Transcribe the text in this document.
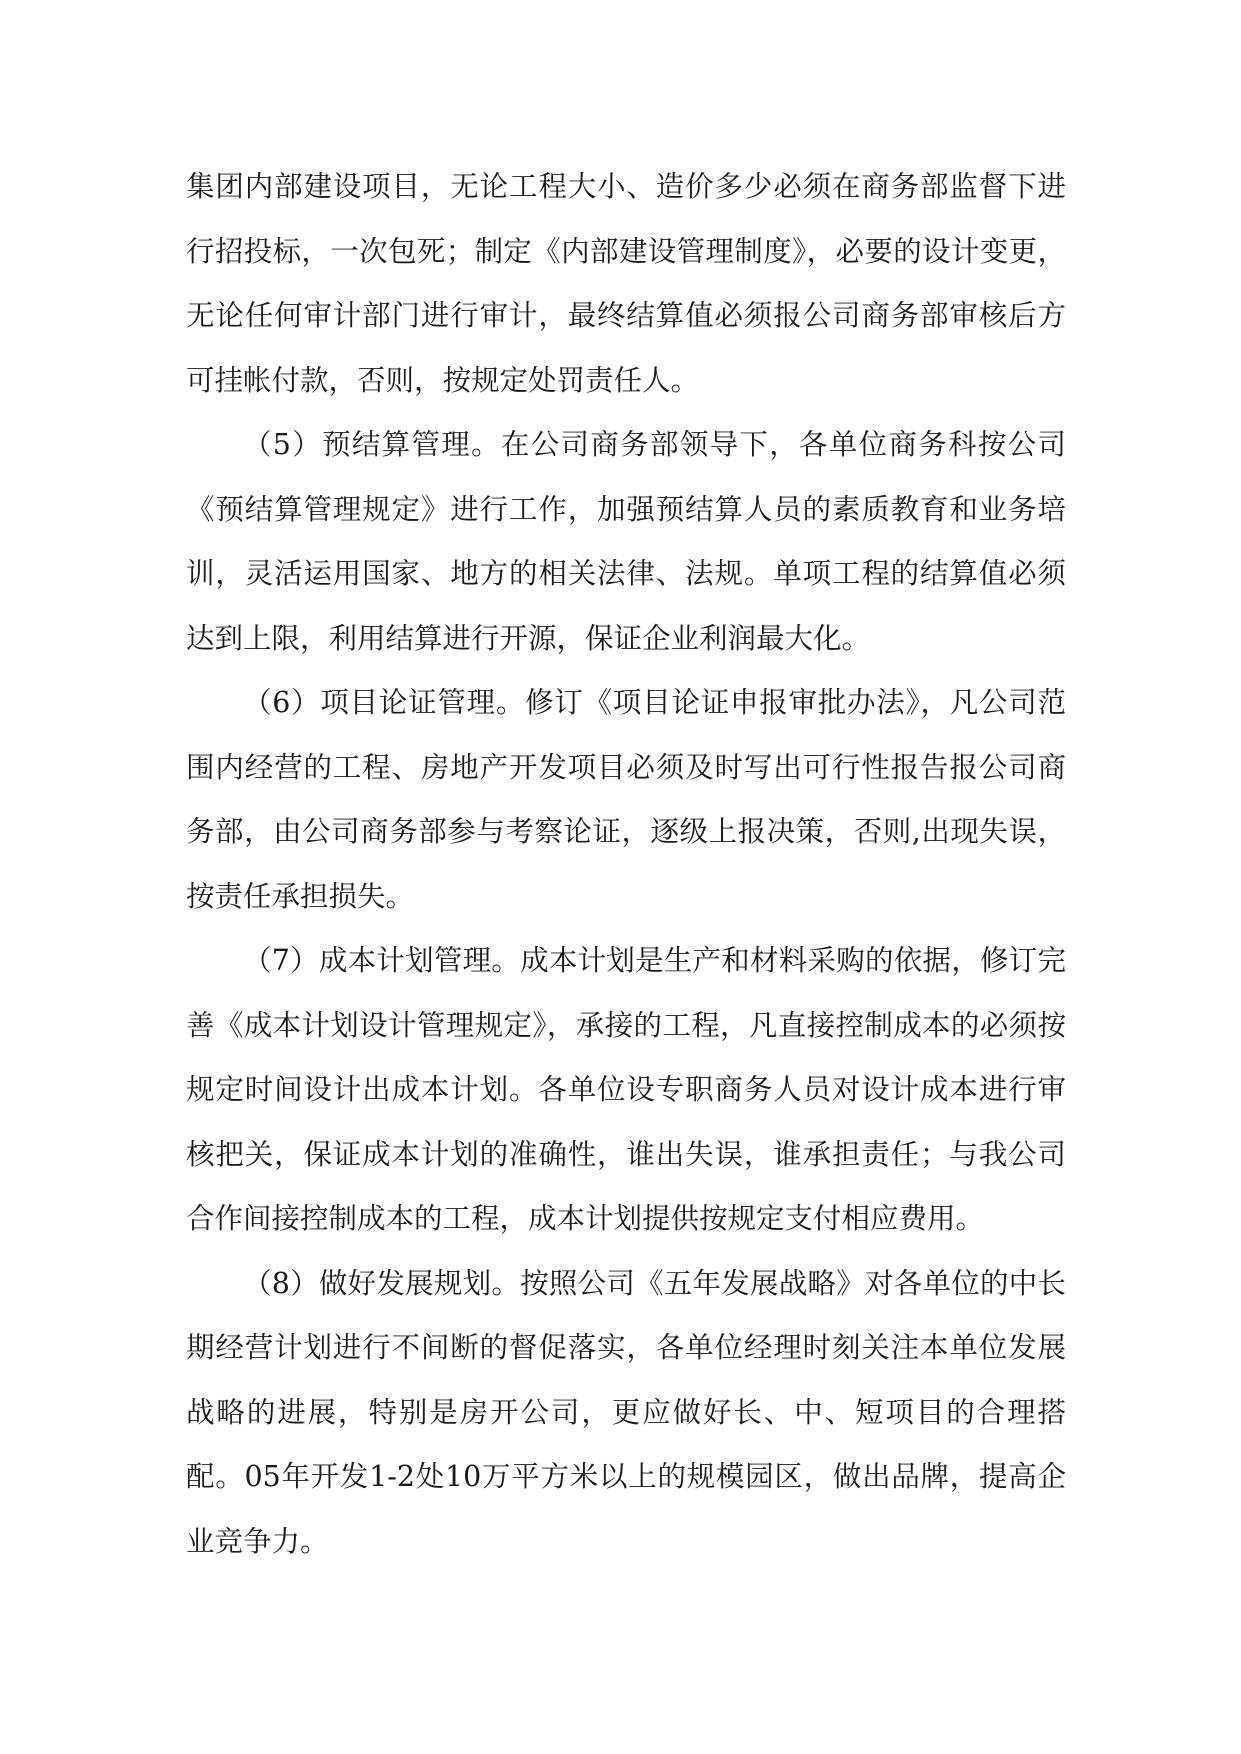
集团内部建设项目，无论工程大小、造价多少必须在商务部监督下进行招投标，一次包死；制定《内部建设管理制度》，必要的设计变更，无论任何审计部门进行审计，最终结算值必须报公司商务部审核后方可挂帐付款，否则，按规定处罚责任人。

（5）预结算管理。在公司商务部领导下，各单位商务科按公司《预结算管理规定》进行工作，加强预结算人员的素质教育和业务培训，灵活运用国家、地方的相关法律、法规。单项工程的结算值必须达到上限，利用结算进行开源，保证企业利润最大化。

（6）项目论证管理。修订《项目论证申报审批办法》，凡公司范围内经营的工程、房地产开发项目必须及时写出可行性报告报公司商务部，由公司商务部参与考察论证，逐级上报决策，否则,出现失误，按责任承担损失。

（7）成本计划管理。成本计划是生产和材料采购的依据，修订完善《成本计划设计管理规定》，承接的工程，凡直接控制成本的必须按规定时间设计出成本计划。各单位设专职商务人员对设计成本进行审核把关，保证成本计划的准确性，谁出失误，谁承担责任；与我公司合作间接控制成本的工程，成本计划提供按规定支付相应费用。

（8）做好发展规划。按照公司《五年发展战略》对各单位的中长期经营计划进行不间断的督促落实，各单位经理时刻关注本单位发展战略的进展，特别是房开公司，更应做好长、中、短项目的合理搭配。05年开发1-2处10万平方米以上的规模园区，做出品牌，提高企业竞争力。
